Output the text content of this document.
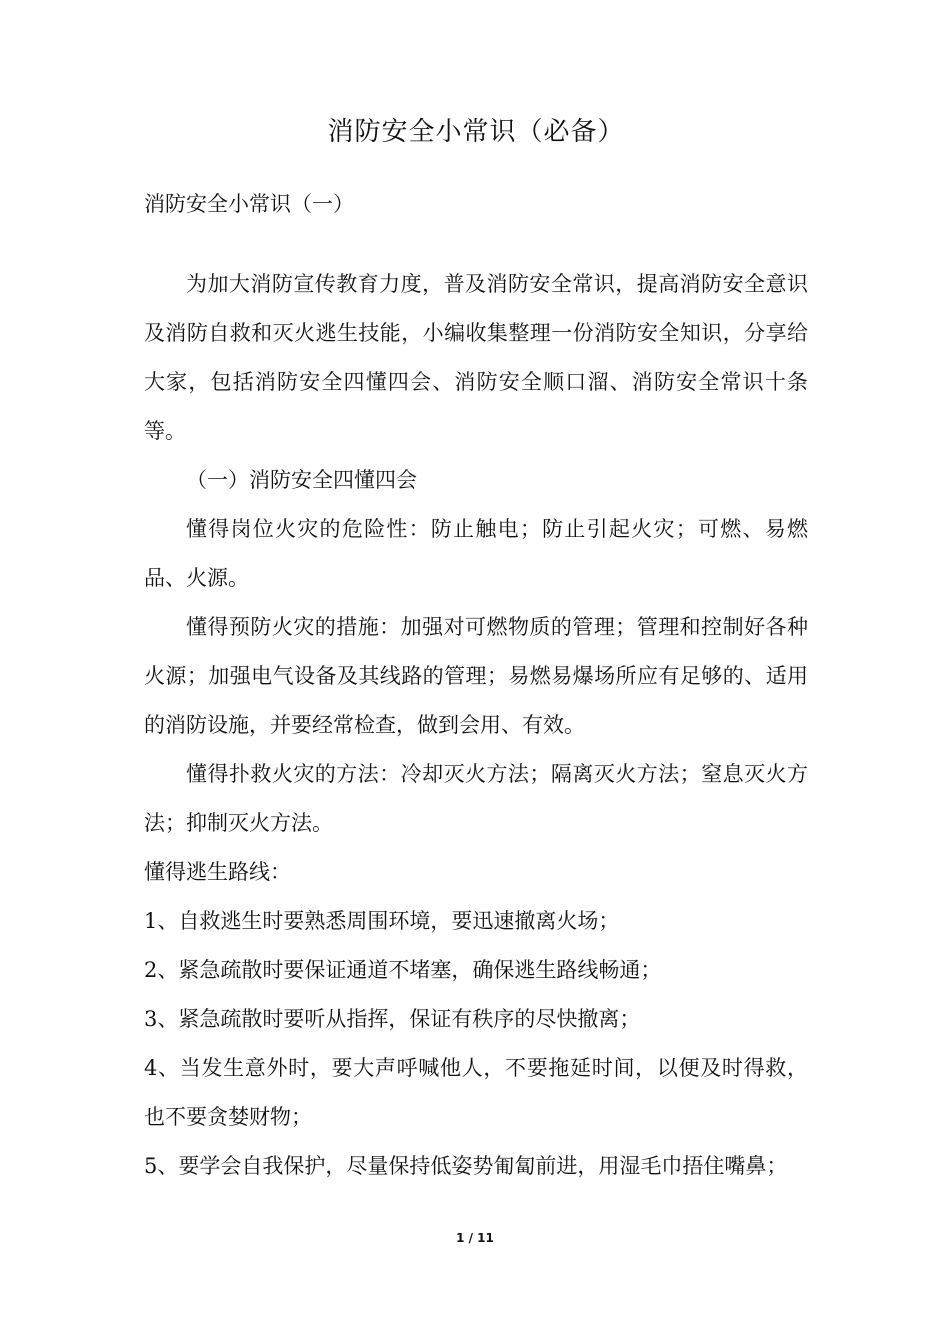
消防安全小常识（必备）

消防安全小常识（一）

为加大消防宣传教育力度，普及消防安全常识，提高消防安全意识及消防自救和灭火逃生技能，小编收集整理一份消防安全知识，分享给大家，包括消防安全四懂四会、消防安全顺口溜、消防安全常识十条等。

（一）消防安全四懂四会

懂得岗位火灾的危险性：防止触电；防止引起火灾；可燃、易燃品、火源。

懂得预防火灾的措施：加强对可燃物质的管理；管理和控制好各种火源；加强电气设备及其线路的管理；易燃易爆场所应有足够的、适用的消防设施，并要经常检查，做到会用、有效。

懂得扑救火灾的方法：冷却灭火方法；隔离灭火方法；窒息灭火方法；抑制灭火方法。

懂得逃生路线：

1、自救逃生时要熟悉周围环境，要迅速撤离火场；

2、紧急疏散时要保证通道不堵塞，确保逃生路线畅通；

3、紧急疏散时要听从指挥，保证有秩序的尽快撤离；

4、当发生意外时，要大声呼喊他人，不要拖延时间，以便及时得救，也不要贪婪财物；

5、要学会自我保护，尽量保持低姿势匍匐前进，用湿毛巾捂住嘴鼻；

1 / 11
